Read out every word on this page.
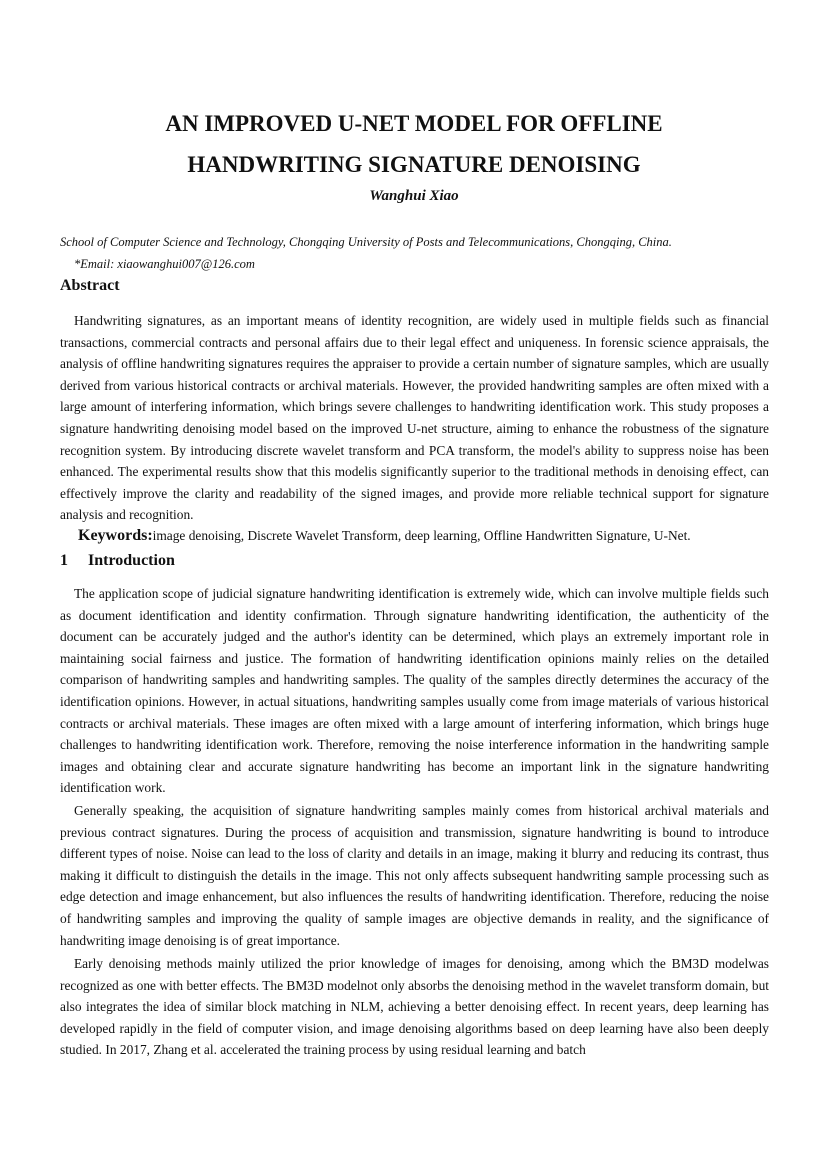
AN IMPROVED U-NET MODEL FOR OFFLINE
HANDWRITING SIGNATURE DENOISING
Wanghui Xiao
School of Computer Science and Technology, Chongqing University of Posts and Telecommunications, Chongqing, China.
*Email: xiaowanghui007@126.com
Abstract

Handwriting signatures, as an important means of identity recognition, are widely used in multiple fields such as financial transactions, commercial contracts and personal affairs due to their legal effect and uniqueness. In forensic science appraisals, the analysis of offline handwriting signatures requires the appraiser to provide a certain number of signature samples, which are usually derived from various historical contracts or archival materials. However, the provided handwriting samples are often mixed with a large amount of interfering information, which brings severe challenges to handwriting identification work. This study proposes a signature handwriting denoising model based on the improved U-net structure, aiming to enhance the robustness of the signature recognition system. By introducing discrete wavelet transform and PCA transform, the model's ability to suppress noise has been enhanced. The experimental results show that this modelis significantly superior to the traditional methods in denoising effect, can effectively improve the clarity and readability of the signed images, and provide more reliable technical support for signature analysis and recognition.

Keywords:image denoising, Discrete Wavelet Transform, deep learning, Offline Handwritten Signature, U-Net.
1 Introduction

The application scope of judicial signature handwriting identification is extremely wide, which can involve multiple fields such as document identification and identity confirmation. Through signature handwriting identification, the authenticity of the document can be accurately judged and the author's identity can be determined, which plays an extremely important role in maintaining social fairness and justice. The formation of handwriting identification opinions mainly relies on the detailed comparison of handwriting samples and handwriting samples. The quality of the samples directly determines the accuracy of the identification opinions. However, in actual situations, handwriting samples usually come from image materials of various historical contracts or archival materials. These images are often mixed with a large amount of interfering information, which brings huge challenges to handwriting identification work. Therefore, removing the noise interference information in the handwriting sample images and obtaining clear and accurate signature handwriting has become an important link in the signature handwriting identification work.

Generally speaking, the acquisition of signature handwriting samples mainly comes from historical archival materials and previous contract signatures. During the process of acquisition and transmission, signature handwriting is bound to introduce different types of noise. Noise can lead to the loss of clarity and details in an image, making it blurry and reducing its contrast, thus making it difficult to distinguish the details in the image. This not only affects subsequent handwriting sample processing such as edge detection and image enhancement, but also influences the results of handwriting identification. Therefore, reducing the noise of handwriting samples and improving the quality of sample images are objective demands in reality, and the significance of handwriting image denoising is of great importance.

Early denoising methods mainly utilized the prior knowledge of images for denoising, among which the BM3D modelwas recognized as one with better effects. The BM3D modelnot only absorbs the denoising method in the wavelet transform domain, but also integrates the idea of similar block matching in NLM, achieving a better denoising effect. In recent years, deep learning has developed rapidly in the field of computer vision, and image denoising algorithms based on deep learning have also been deeply studied. In 2017, Zhang et al. accelerated the training process by using residual learning and batch
